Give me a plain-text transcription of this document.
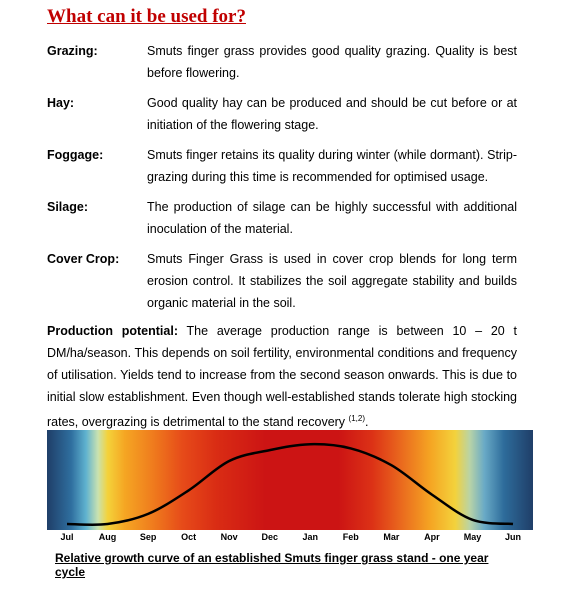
What can it be used for?
Grazing:	Smuts finger grass provides good quality grazing. Quality is best before flowering.
Hay:	Good quality hay can be produced and should be cut before or at initiation of the flowering stage.
Foggage:	Smuts finger retains its quality during winter (while dormant). Strip-grazing during this time is recommended for optimised usage.
Silage:	The production of silage can be highly successful with additional inoculation of the material.
Cover Crop: Smuts Finger Grass is used in cover crop blends for long term erosion control. It stabilizes the soil aggregate stability and builds organic material in the soil.
Production potential: The average production range is between 10 – 20 t DM/ha/season. This depends on soil fertility, environmental conditions and frequency of utilisation. Yields tend to increase from the second season onwards. This is due to initial slow establishment. Even though well-established stands tolerate high stocking rates, overgrazing is detrimental to the stand recovery $^{(1,2)}$.
Jul	Aug	Sep	Oct	Nov	Dec	Jan	Feb	Mar	Apr	May	Jun
Relative growth curve of an established Smuts finger grass stand - one year cycle
